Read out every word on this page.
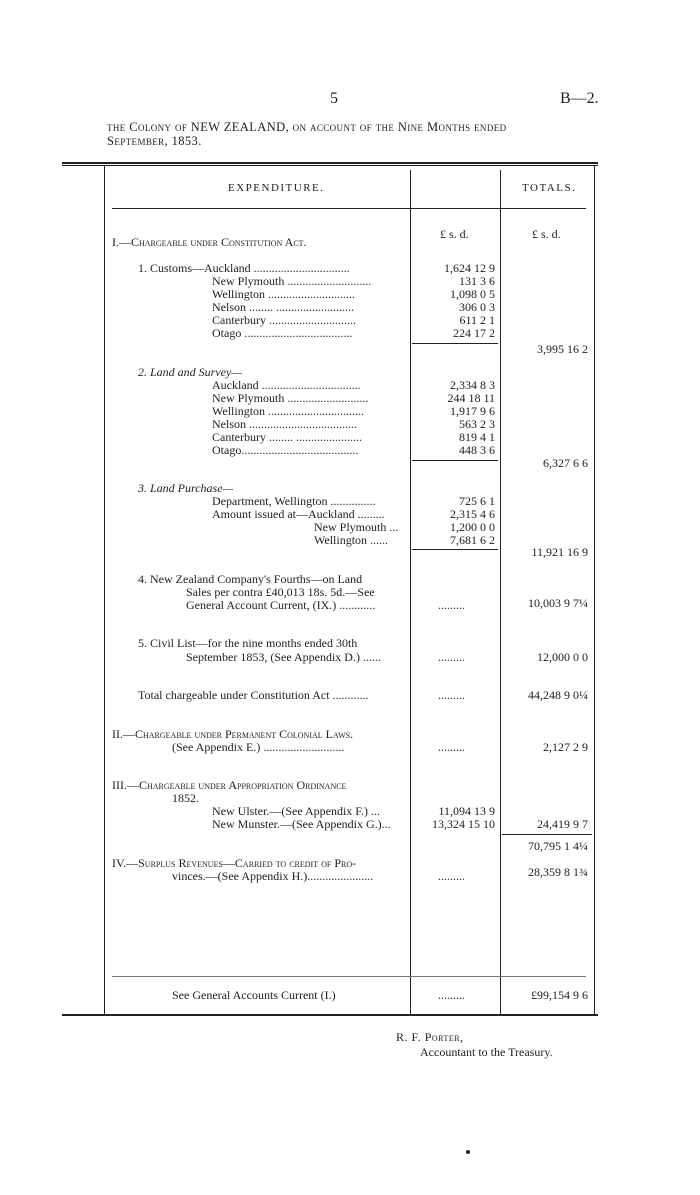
5	B—2.
the Colony of NEW ZEALAND, on account of the Nine Months ended
September, 1853.
EXPENDITURE.	TOTALS.
£ s. d.	£ s. d.
I.—Chargeable under Constitution Act.
1. Customs—Auckland ................................	1,624 12 9
New Plymouth ............................	131 3 6
Wellington .............................	1,098 0 5
Nelson ........ ..........................	306 0 3
Canterbury .............................	611 2 1
Otago ....................................	224 17 2
3,995 16 2
2. Land and Survey—
Auckland .................................	2,334 8 3
New Plymouth ...........................	244 18 11
Wellington ................................	1,917 9 6
Nelson ....................................	563 2 3
Canterbury ........ ......................	819 4 1
Otago.......................................	448 3 6
6,327 6 6
3. Land Purchase—
Department, Wellington ...............	725 6 1
Amount issued at—Auckland .........	2,315 4 6
New Plymouth ...	1,200 0 0
Wellington ......	7,681 6 2
11,921 16 9
4. New Zealand Company's Fourths—on Land
Sales per contra £40,013 18s. 5d.—See
General Account Current, (IX.) ............	.........	10,003 9 7¼
5. Civil List—for the nine months ended 30th
September 1853, (See Appendix D.) ......	.........	12,000 0 0
Total chargeable under Constitution Act ............	.........	44,248 9 0¼
II.—Chargeable under Permanent Colonial Laws.
(See Appendix E.) ...........................	.........	2,127 2 9
III.—Chargeable under Appropriation Ordinance
1852.
New Ulster.—(See Appendix F.) ...	11,094 13 9
New Munster.—(See Appendix G.)...	13,324 15 10	24,419 9 7
70,795 1 4¼
IV.—Surplus Revenues—Carried to credit of Pro-
vinces.—(See Appendix H.)......................	.........	28,359 8 1¾
See General Accounts Current (I.)	.........	£99,154 9 6
R. F. Porter,
Accountant to the Treasury.
